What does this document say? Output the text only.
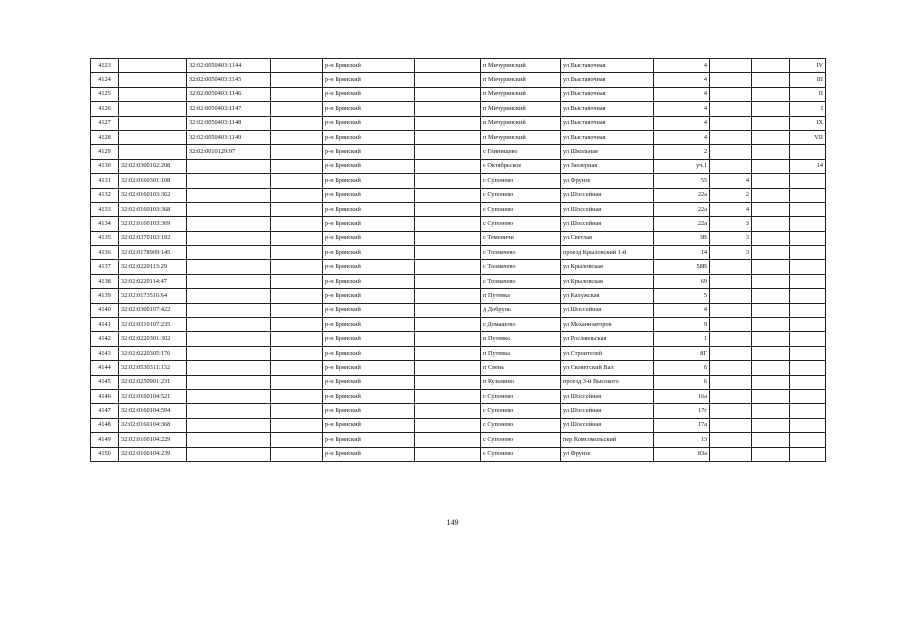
4123		32:02:0050403:1144		р-н Брянский		п Мичуринский	ул Выставочная	4			IV
4124		32:02:0050403:1145		р-н Брянский		п Мичуринский	ул Выставочная	4			III
4125		32:02:0050403:1146		р-н Брянский		п Мичуринский	ул Выставочная	4			II
4126		32:02:0050403:1147		р-н Брянский		п Мичуринский	ул Выставочная	4			I
4127		32:02:0050403:1148		р-н Брянский		п Мичуринский	ул Выставочная	4			IX
4128		32:02:0050403:1149		р-н Брянский		п Мичуринский	ул Выставочная	4			VII
4129		32:02:0010129:97		р-н Брянский		с Глинищево	ул Школьная	2			
4130	32:02:0300102:208			р-н Брянский		с Октябрьское	ул Заозерная	уч.1			14
4131	32:02:0160301:108			р-н Брянский		с Супонево	ул Фрунзе	55	4		
4132	32:02:0160103:362			р-н Брянский		с Супонево	ул Шоссейная	22а	2		
4133	32:02:0160103:368			р-н Брянский		с Супонево	ул Шоссейная	22а	4		
4134	32:02:0160103:369			р-н Брянский		с Супонево	ул Шоссейная	22а	3		
4135	32:02:0370103:192			р-н Брянский		с Теменичи	ул.Светлая	3В	3		
4136	32:02:0178909:145			р-н Брянский		с Толмачево	проезд Крыловский 1-й	14	3		
4137	32:02:0220113:29			р-н Брянский		с Толмачево	ул Крыловская	58В			
4138	32:02:0220114:47			р-н Брянский		с Толмачево	ул Крыловская	69			
4139	32:02:0173516:64			р-н Брянский		п Путевка	ул Калужская	5			
4140	32:02:0300107:422			р-н Брянский		д Добрунь	ул Шоссейная	4			
4141	32:02:0310107:235			р-н Брянский		с Домашово	ул Механизаторов	9			
4142	32:02:0220301:302			р-н Брянский		п Путевка	ул Рославльская	1			
4143	32:02:0220305:176			р-н Брянский		п Путевка	ул Строителей	8Г			
4144	32:02:0530311:132			р-н Брянский		п Свень	ул Сковетский Вал	6			
4145	32:02:0250901:231			р-н Брянский		п Кузьмино	проезд 3-й Высокого	6			
4146	32:02:0160104:521			р-н Брянский		с Супонево	ул Шоссейная	16а			
4147	32:02:0160104:594			р-н Брянский		с Супонево	ул Шоссейная	17г			
4148	32:02:0160104:368			р-н Брянский		с Супонево	ул Шоссейная	17а			
4149	32:02:0160104:229			р-н Брянский		с Супонево	пер Комсомольский	13			
4150	32:02:0160104:239			р-н Брянский		с Супонево	ул Фрунзе	83а			
149
